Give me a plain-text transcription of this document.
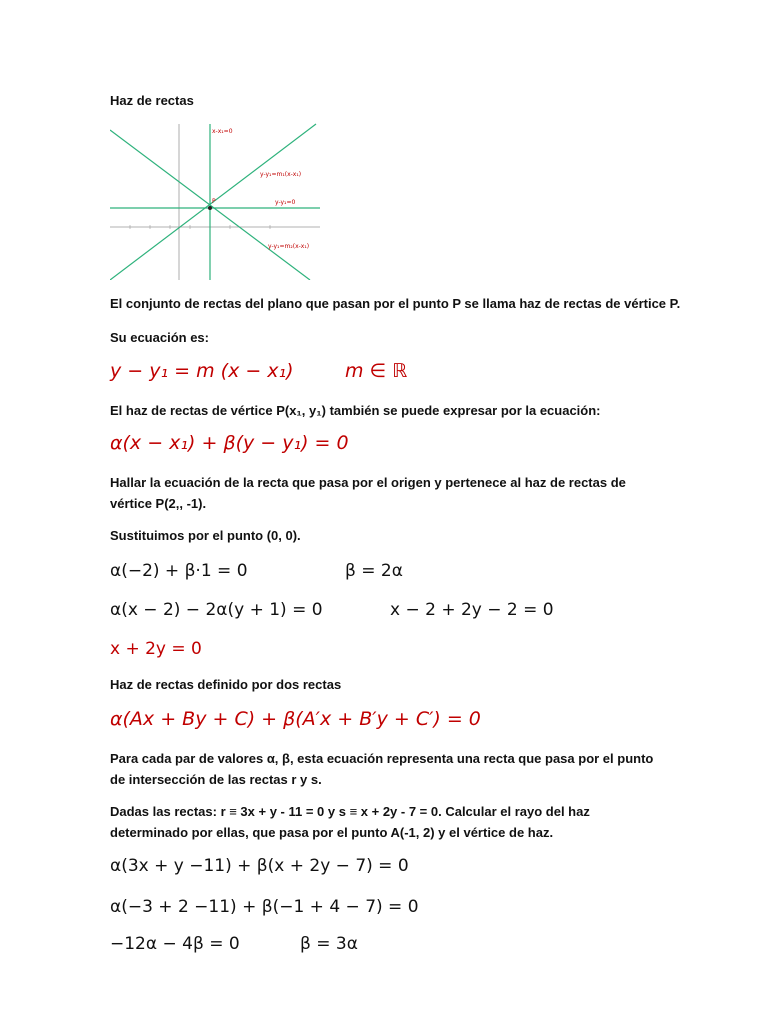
Haz de rectas
P
x-x₁=0
y-y₁=m₁(x-x₁)
y-y₁=0
y-y₁=m₂(x-x₁)
El conjunto de rectas del plano que pasan por el punto P se llama haz de rectas de vértice P.
Su ecuación es:
y − y₁ = m (x − x₁)	m ∈ ℝ
El haz de rectas de vértice P(x₁, y₁) también se puede expresar por la ecuación:
α(x − x₁) + β(y − y₁) = 0
Hallar la ecuación de la recta que pasa por el origen y pertenece al haz de rectas de vértice P(2,, -1).
Sustituimos por el punto (0, 0).
α(−2) + β·1 = 0	β = 2α
α(x − 2) − 2α(y + 1) = 0	x − 2 + 2y − 2 = 0
x + 2y = 0
Haz de rectas definido por dos rectas
α(Ax + By + C) + β(A′x + B′y + C′) = 0
Para cada par de valores α, β, esta ecuación representa una recta que pasa por el punto de intersección de las rectas r y s.
Dadas las rectas: r ≡ 3x + y - 11 = 0 y s ≡ x + 2y - 7 = 0. Calcular el rayo del haz determinado por ellas, que pasa por el punto A(-1, 2) y el vértice de haz.
α(3x + y −11) + β(x + 2y − 7) = 0
α(−3 + 2 −11) + β(−1 + 4 − 7) = 0
−12α − 4β = 0	β = 3α
